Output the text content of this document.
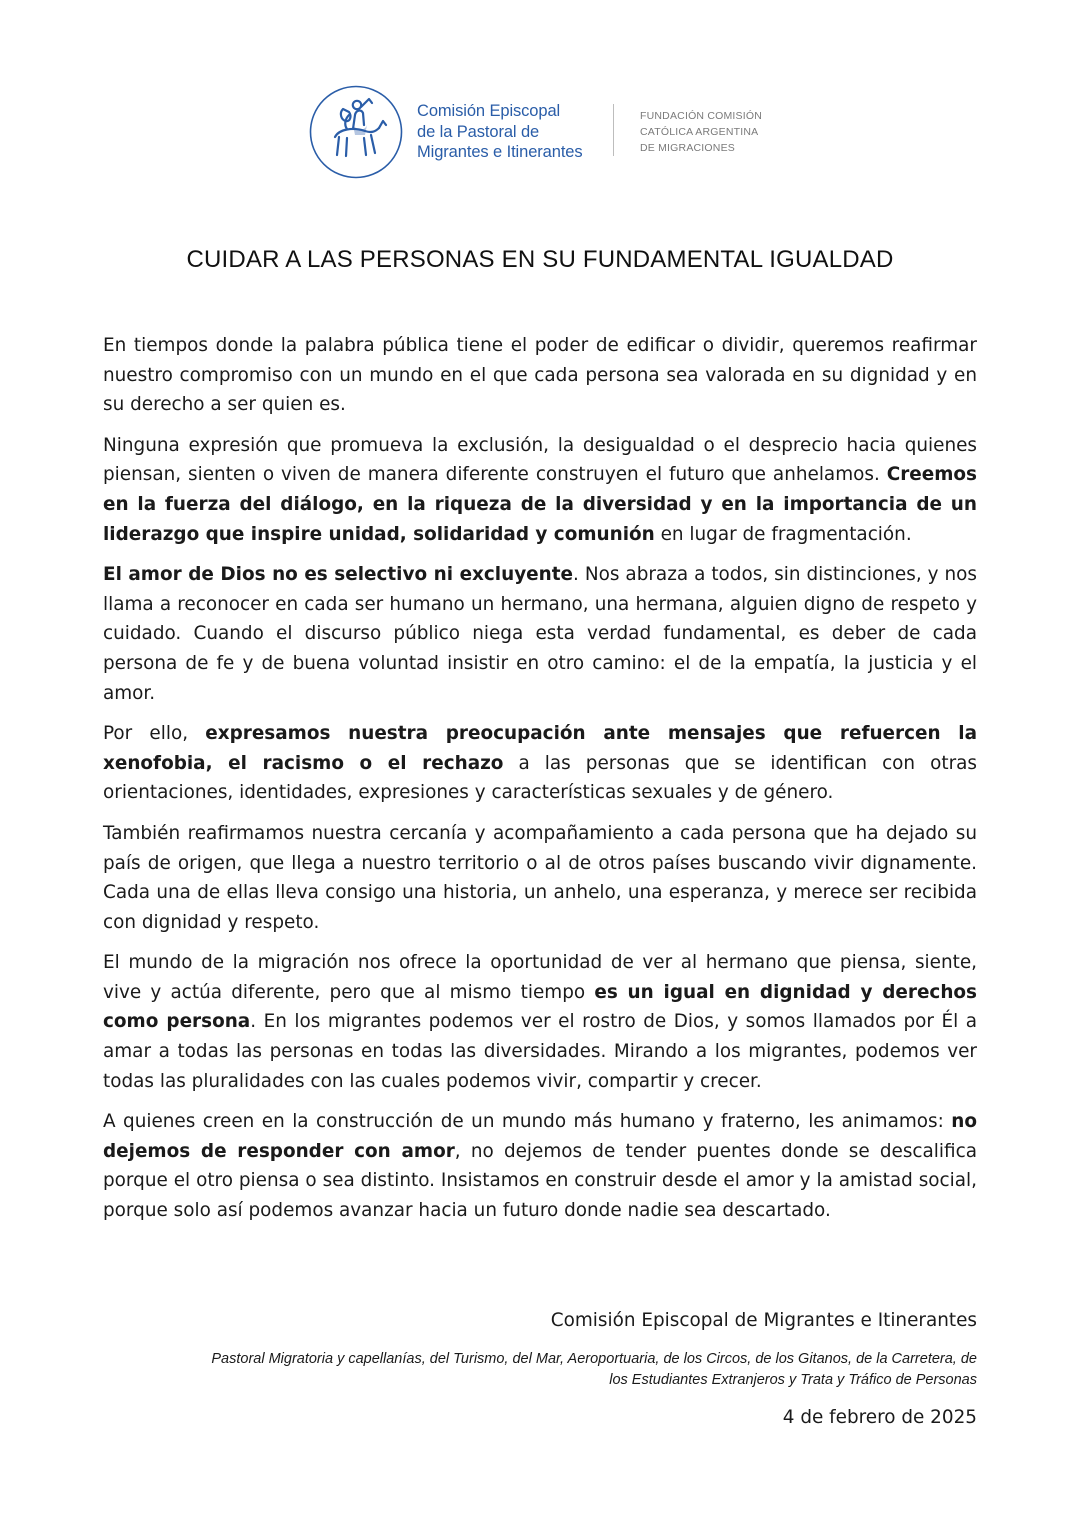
Comisión Episcopal
de la Pastoral de
Migrantes e Itinerantes
FUNDACIÓN COMISIÓN
CATÓLICA ARGENTINA
DE MIGRACIONES
CUIDAR A LAS PERSONAS EN SU FUNDAMENTAL IGUALDAD

En tiempos donde la palabra pública tiene el poder de edificar o dividir, queremos reafirmar nuestro compromiso con un mundo en el que cada persona sea valorada en su dignidad y en su derecho a ser quien es.

Ninguna expresión que promueva la exclusión, la desigualdad o el desprecio hacia quienes piensan, sienten o viven de manera diferente construyen el futuro que anhelamos. Creemos en la fuerza del diálogo, en la riqueza de la diversidad y en la importancia de un liderazgo que inspire unidad, solidaridad y comunión en lugar de fragmentación.

El amor de Dios no es selectivo ni excluyente. Nos abraza a todos, sin distinciones, y nos llama a reconocer en cada ser humano un hermano, una hermana, alguien digno de respeto y cuidado. Cuando el discurso público niega esta verdad fundamental, es deber de cada persona de fe y de buena voluntad insistir en otro camino: el de la empatía, la justicia y el amor.

Por ello, expresamos nuestra preocupación ante mensajes que refuercen la xenofobia, el racismo o el rechazo a las personas que se identifican con otras orientaciones, identidades, expresiones y características sexuales y de género.

También reafirmamos nuestra cercanía y acompañamiento a cada persona que ha dejado su país de origen, que llega a nuestro territorio o al de otros países buscando vivir dignamente. Cada una de ellas lleva consigo una historia, un anhelo, una esperanza, y merece ser recibida con dignidad y respeto.

El mundo de la migración nos ofrece la oportunidad de ver al hermano que piensa, siente, vive y actúa diferente, pero que al mismo tiempo es un igual en dignidad y derechos como persona. En los migrantes podemos ver el rostro de Dios, y somos llamados por Él a amar a todas las personas en todas las diversidades. Mirando a los migrantes, podemos ver todas las pluralidades con las cuales podemos vivir, compartir y crecer.

A quienes creen en la construcción de un mundo más humano y fraterno, les animamos: no dejemos de responder con amor, no dejemos de tender puentes donde se descalifica porque el otro piensa o sea distinto. Insistamos en construir desde el amor y la amistad social, porque solo así podemos avanzar hacia un futuro donde nadie sea descartado.

Comisión Episcopal de Migrantes e Itinerantes
Pastoral Migratoria y capellanías, del Turismo, del Mar, Aeroportuaria, de los Circos, de los Gitanos, de la Carretera, de
los Estudiantes Extranjeros y Trata y Tráfico de Personas
4 de febrero de 2025
